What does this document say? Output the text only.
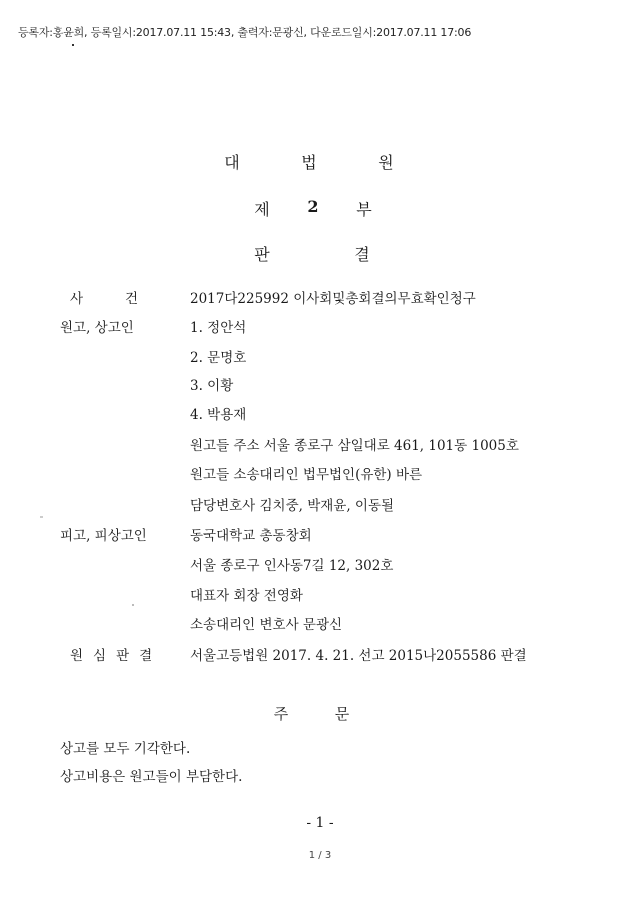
등록자:홍윤희, 등록일시:2017.07.11 15:43, 출력자:문광신, 다운로드일시:2017.07.11 17:06
대	법	원
제 2 부
판	결
사	건	2017다225992 이사회및총회결의무효확인청구
원고, 상고인	1. 정안석
2. 문명호
3. 이황
4. 박용재
원고들 주소 서울 종로구 삼일대로 461, 101동 1005호
원고들 소송대리인 법무법인(유한) 바른
담당변호사 김치중, 박재윤, 이동될
피고, 피상고인	동국대학교 총동창회
서울 종로구 인사동7길 12, 302호
대표자 회장 전영화
소송대리인 변호사 문광신
원 심 판 결	서울고등법원 2017. 4. 21. 선고 2015나2055586 판결
주	문
상고를 모두 기각한다.
상고비용은 원고들이 부담한다.
- 1 -
1 / 3
